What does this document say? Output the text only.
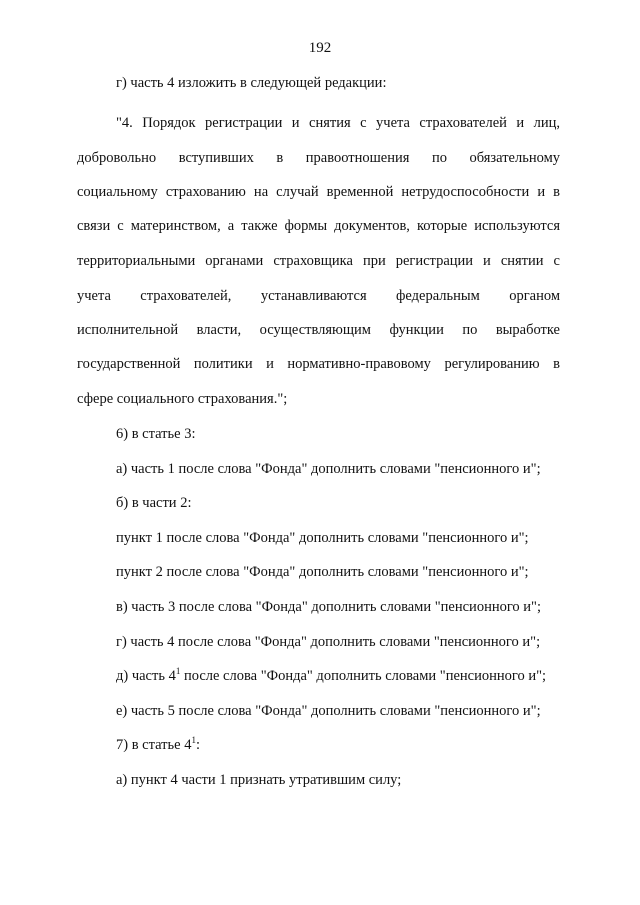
192
г) часть 4 изложить в следующей редакции:
"4. Порядок регистрации и снятия с учета страхователей и лиц,
добровольно вступивших в правоотношения по обязательному
социальному страхованию на случай временной нетрудоспособности и в
связи с материнством, а также формы документов, которые используются
территориальными органами страховщика при регистрации и снятии с
учета страхователей, устанавливаются федеральным органом
исполнительной власти, осуществляющим функции по выработке
государственной политики и нормативно-правовому регулированию в
сфере социального страхования.";
6) в статье 3:
а) часть 1 после слова "Фонда" дополнить словами "пенсионного и";
б) в части 2:
пункт 1 после слова "Фонда" дополнить словами "пенсионного и";
пункт 2 после слова "Фонда" дополнить словами "пенсионного и";
в) часть 3 после слова "Фонда" дополнить словами "пенсионного и";
г) часть 4 после слова "Фонда" дополнить словами "пенсионного и";
д) часть $4^1$ после слова "Фонда" дополнить словами "пенсионного и";
е) часть 5 после слова "Фонда" дополнить словами "пенсионного и";
7) в статье $4^1$:
а) пункт 4 части 1 признать утратившим силу;
